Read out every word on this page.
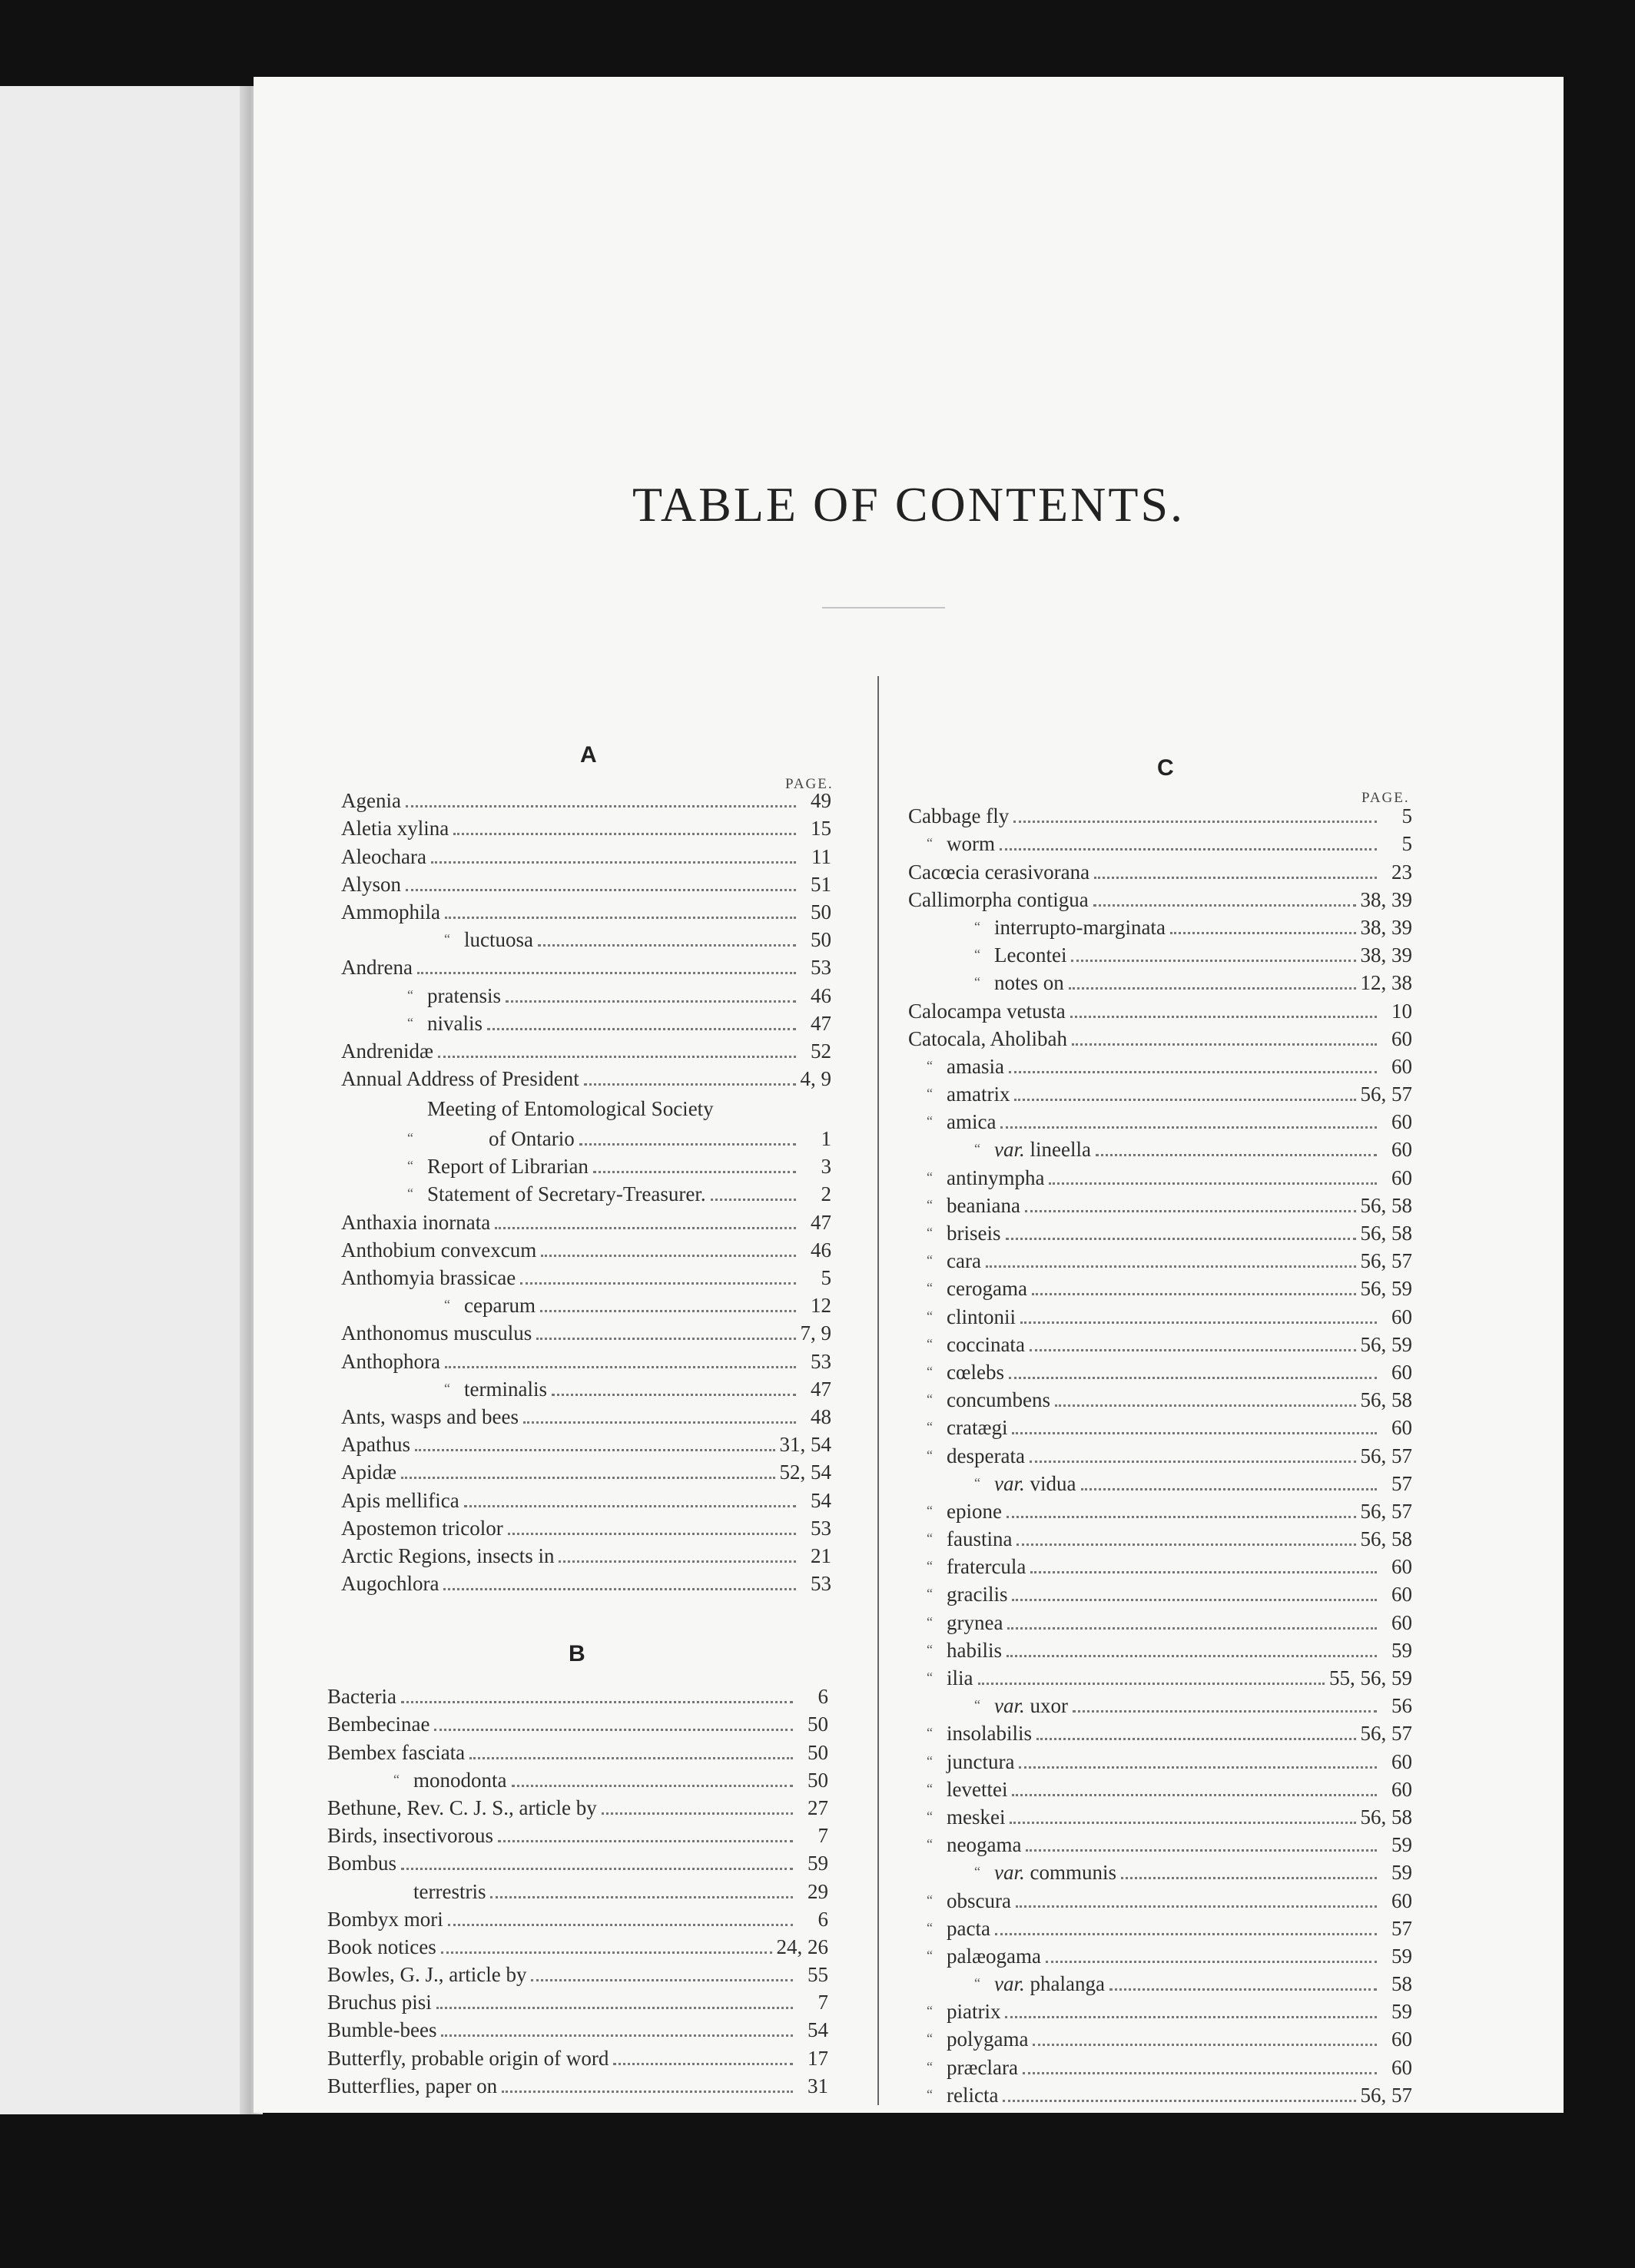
TABLE OF CONTENTS.
A
PAGE.
Agenia	49
Aletia xylina	15
Aleochara	11
Alyson	51
Ammophila	50
“ luctuosa	50
Andrena	53
“ pratensis	46
“ nivalis	47
Andrenidæ	52
Annual Address of President	4, 9
“
Meeting of Entomological Society
of Ontario	1
“ Report of Librarian	3
“ Statement of Secretary-Treasurer.	2
Anthaxia inornata	47
Anthobium convexcum	46
Anthomyia brassicae	5
“ ceparum	12
Anthonomus musculus	7, 9
Anthophora	53
“ terminalis	47
Ants, wasps and bees	48
Apathus	31, 54
Apidæ	52, 54
Apis mellifica	54
Apostemon tricolor	53
Arctic Regions, insects in	21
Augochlora	53
B
Bacteria	6
Bembecinae	50
Bembex fasciata	50
“ monodonta	50
Bethune, Rev. C. J. S., article by	27
Birds, insectivorous	7
Bombus	59
terrestris	29
Bombyx mori	6
Book notices	24, 26
Bowles, G. J., article by	55
Bruchus pisi	7
Bumble-bees	54
Butterfly, probable origin of word	17
Butterflies, paper on	31
C
PAGE.
Cabbage fly	5
“ worm	5
Cacœcia cerasivorana	23
Callimorpha contigua	38, 39
“ interrupto-marginata	38, 39
“ Lecontei	38, 39
“ notes on	12, 38
Calocampa vetusta	10
Catocala, Aholibah	60
“ amasia	60
“ amatrix	56, 57
“ amica	60
“ var. lineella	60
“ antinympha	60
“ beaniana	56, 58
“ briseis	56, 58
“ cara	56, 57
“ cerogama	56, 59
“ clintonii	60
“ coccinata	56, 59
“ cœlebs	60
“ concumbens	56, 58
“ cratægi	60
“ desperata	56, 57
“ var. vidua	57
“ epione	56, 57
“ faustina	56, 58
“ fraterculа	60
“ gracilis	60
“ grynea	60
“ habilis	59
“ ilia	55, 56, 59
“ var. uxor	56
“ insolabilis	56, 57
“ junctura	60
“ levettei	60
“ meskei	56, 58
“ neogama	59
“ var. communis	59
“ obscura	60
“ pacta	57
“ palæogama	59
“ var. phalanga	58
“ piatrix	59
“ polygama	60
“ præclara	60
“ relicta	56, 57
